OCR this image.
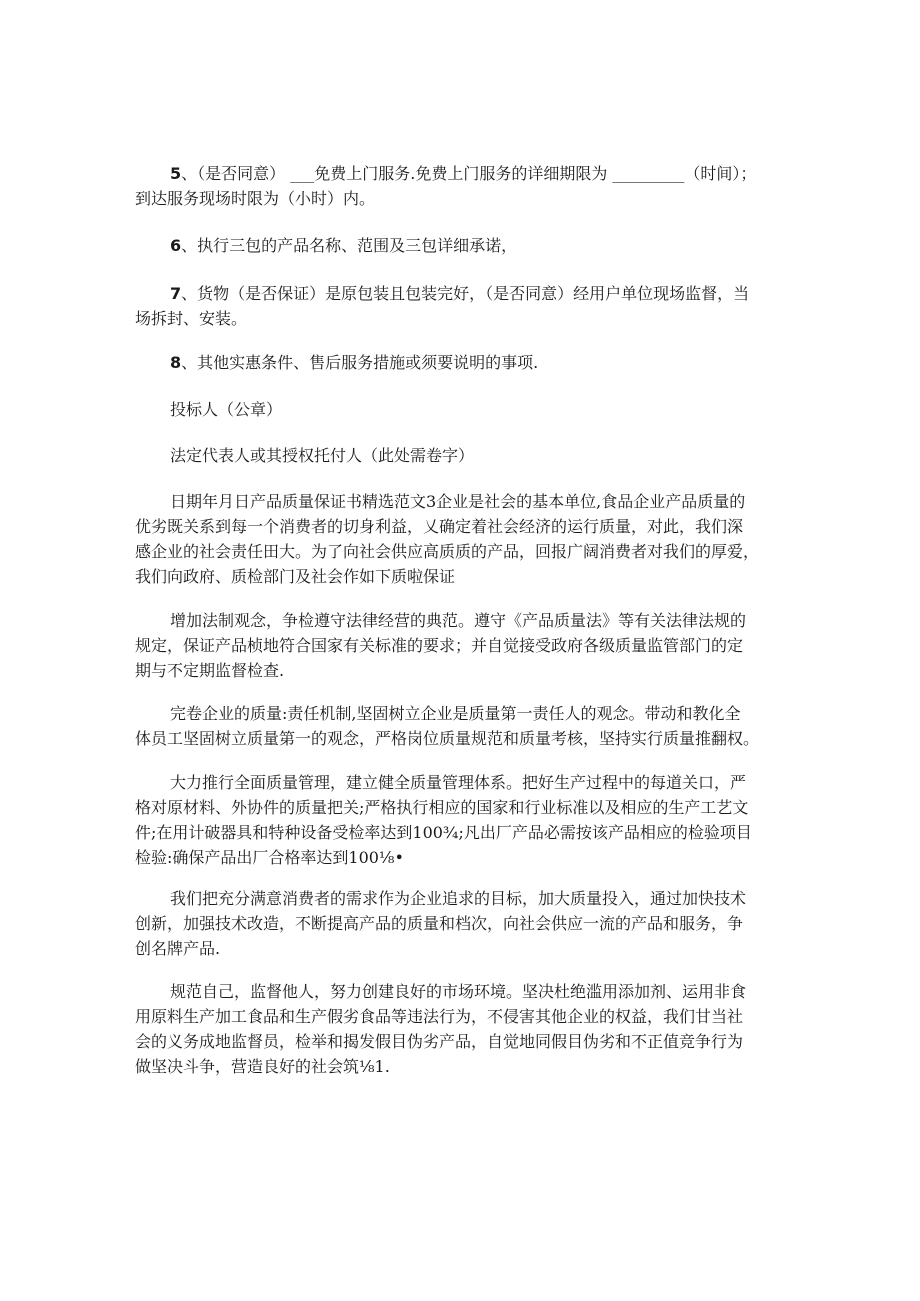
5、（是否同意） ___免费上门服务.免费上门服务的详细期限为 _________（时间）；
到达服务现场时限为（小时）内。
6、执行三包的产品名称、范围及三包详细承诺，
7、货物（是否保证）是原包装且包装完好，（是否同意）经用户单位现场监督，当
场拆封、安装。
8、其他实惠条件、售后服务措施或须要说明的事项.
投标人（公章）
法定代表人或其授权托付人（此处需卷字）
日期年月日产品质量保证书精选范文3企业是社会的基本单位,食品企业产品质量的
优劣既关系到每一个消费者的切身利益，乂确定着社会经济的运行质量，对此，我们深
感企业的社会责任田大。为了向社会供应高质质的产品，回报广阔消费者对我们的厚爱，
我们向政府、质检部门及社会作如下质啦保证
增加法制观念，争检遵守法律经营的典范。遵守《产品质量法》等有关法律法规的
规定，保证产品桢地符合国家有关标准的要求；并自觉接受政府各级质量监管部门的定
期与不定期监督检查.
完卷企业的质量:责任机制,坚固树立企业是质量第一责任人的观念。带动和教化全
体员工坚固树立质量第一的观念，严格岗位质量规范和质量考核，坚持实行质量推翻权。
大力推行全面质量管理，建立健全质量管理体系。把好生产过程中的每道关口，严
格对原材料、外协件的质量把关;严格执行相应的国家和行业标准以及相应的生产工艺文
件;在用计破器具和特种设备受检率达到100¾;凡出厂产品必需按该产品相应的检验项目
检验:确保产品出厂合格率达到100⅛•
我们把充分满意消费者的需求作为企业追求的目标，加大质量投入，通过加快技术
创新，加强技术改造，不断提高产品的质量和档次，向社会供应一流的产品和服务，争
创名牌产品.
规范自己，监督他人，努力创建良好的市场环境。坚决杜绝滥用添加剂、运用非食
用原料生产加工食品和生产假劣食品等违法行为，不侵害其他企业的权益，我们甘当社
会的义务成地监督员，检举和揭发假目伪劣产品，自觉地同假目伪劣和不正值竞争行为
做坚决斗争，营造良好的社会筑⅛1.
